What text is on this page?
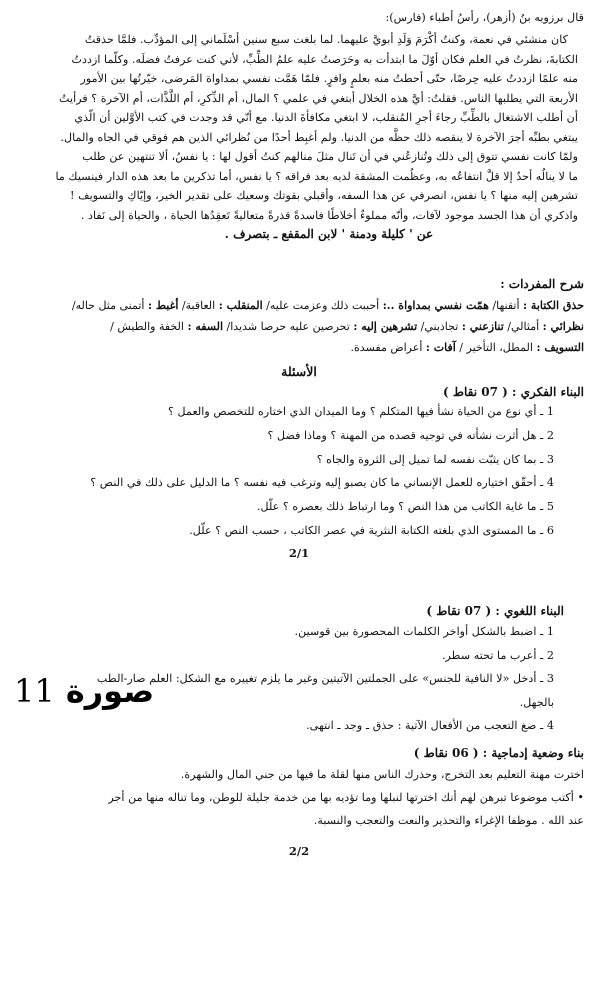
قال برزويه بنُ (أزهر)، رأسُ أطباء (فارس):

كان منشئي في نعمة، وكنتُ أكْرَمَ وَلَدِ أبويَّ عليهما. لما بلغت سبع سنين أسْلَماني إلى المؤدِّب. فلمَّا حذقتُ

الكتابةَ، نظرتُ في العلم فكان أوّلَ ما ابتدأت به وحَرَصتُ عليه علمُ الطِّبِّ، لأني كنت عرفتُ فضلَه. وكلّما ازددتُ

منه علمًا ازددتُ عليه حِرصًا، حتّى أحطتُ منه بعلمٍ وافرٍ. فلمّا هَمَّت نفسي بمداواة المَرضى، خيّرتُها بين الأمور

الأربعة التي يطلبها الناس. فقلتُ: أيَّ هذه الخلال أبتغي في علمي ؟ المال، أم الذِّكرِ، أم اللَّذَّات، أم الآخرة ؟ فرأيتُ

أن أطلب الاشتغال بالطِّبِّ رجاءَ أجرِ المُنقلب، لا ابتغي مكافأةَ الدنيا. مع أنّي قد وجدت في كتب الأوَّلين أن الّذي

يبتغي بطبِّه أجرَ الآخرة لا ينقصه ذلك حظَّه من الدنيا. ولم أغبِط أحدًا من نُظرائي الذين هم فوقي في الجاه والمال.

ولمّا كانت نفسي تتوق إلى ذلك وتُنازعُني في أن تَنال مثلَ منالهم كنتُ أقول لها : يا نفسُ، ألا تنتهين عن طلب

ما لا ينالُه أحدٌ إلا قلَّ انتفاعُه به، وعظُمت المشقة لديه بعد فراقه ؟ يا نفس، أما تذكرين ما بعد هذه الدار فينسيك ما

تشرهين إليه منها ؟ يا نفس، انصرفي عن هذا السفه، وأقبلي بقوتك وسعيك على تقدير الخير، وإيّاكِ والتسويف !

واذكري أن هذا الجسد موجود لآفات، وأنّه مملوءٌ أخلاطًا فاسدةً قذرةً متعاليةً تَعقِدُها الحياة ، والحياة إلى نَفاد .

عن ' كليلة ودمنة ' لابن المقفع ـ بتصرف .

شرح المفردات :

حذق الكتابة : أتقنها/ همّت نفسي بمداواة ..: أحببت ذلك وعزمت عليه/ المنقلب : العاقبة/ أغبط : أتمنى مثل حاله/

نظرائي : أمثالي/ تنازعني : تجاذبني/ تشرهين إليه : تحرصين عليه حرصا شديدا/ السفه : الخفة والطيش /

التسويف : المطل، التأخير / آفات : أعراض مفسدة.

الأسئلة

البناء الفكري : ( 07 نقاط )

1 ـ أي نوع من الحياة نشأ فيها المتكلم ؟ وما الميدان الذي اختاره للتخصص والعمل ؟
2 ـ هل أثرت نشأته في توجيه قصده من المهنة ؟ وماذا فضل ؟
3 ـ بما كان يثبّت نفسه لما تميل إلى الثروة والجاه ؟
4 ـ أحقّق اختياره للعمل الإنساني ما كان يصبو إليه وترغب فيه نفسه ؟ ما الدليل على ذلك في النص ؟
5 ـ ما غاية الكاتب من هذا النص ؟ وما ارتباط ذلك بعصره ؟ علّل.
6 ـ ما المستوى الذي بلغته الكتابة النثرية في عصر الكاتب ، حسب النص ؟ علّل.
2/1

البناء اللغوي : ( 07 نقاط )

1 ـ اضبط بالشكل أواخر الكلمات المحصورة بين قوسين.
2 ـ أعرب ما تحته سطر.
3 ـ أدخل «لا النافية للجنس» على الجملتين الآتيتين وغير ما يلزم تغييره مع الشكل: العلم صار-الطب
بالجهل.
4 ـ صغ التعجب من الأفعال الآتية : حذق ـ وجد ـ انتهى.

بناء وضعية إدماجية : ( 06 نقاط )

اخترت مهنة التعليم بعد التخرج، وحذرك الناس منها لقلة ما فيها من جني المال والشهرة.
• أكتب موضوعا تبرهن لهم أنك اخترتها لنبلها وما تؤديه بها من خدمة جليلة للوطن، وما تناله منها من أجر
عند الله . موظفا الإغراء والتحذير والنعت والتعجب والنسبة.
2/2
صورة 11
